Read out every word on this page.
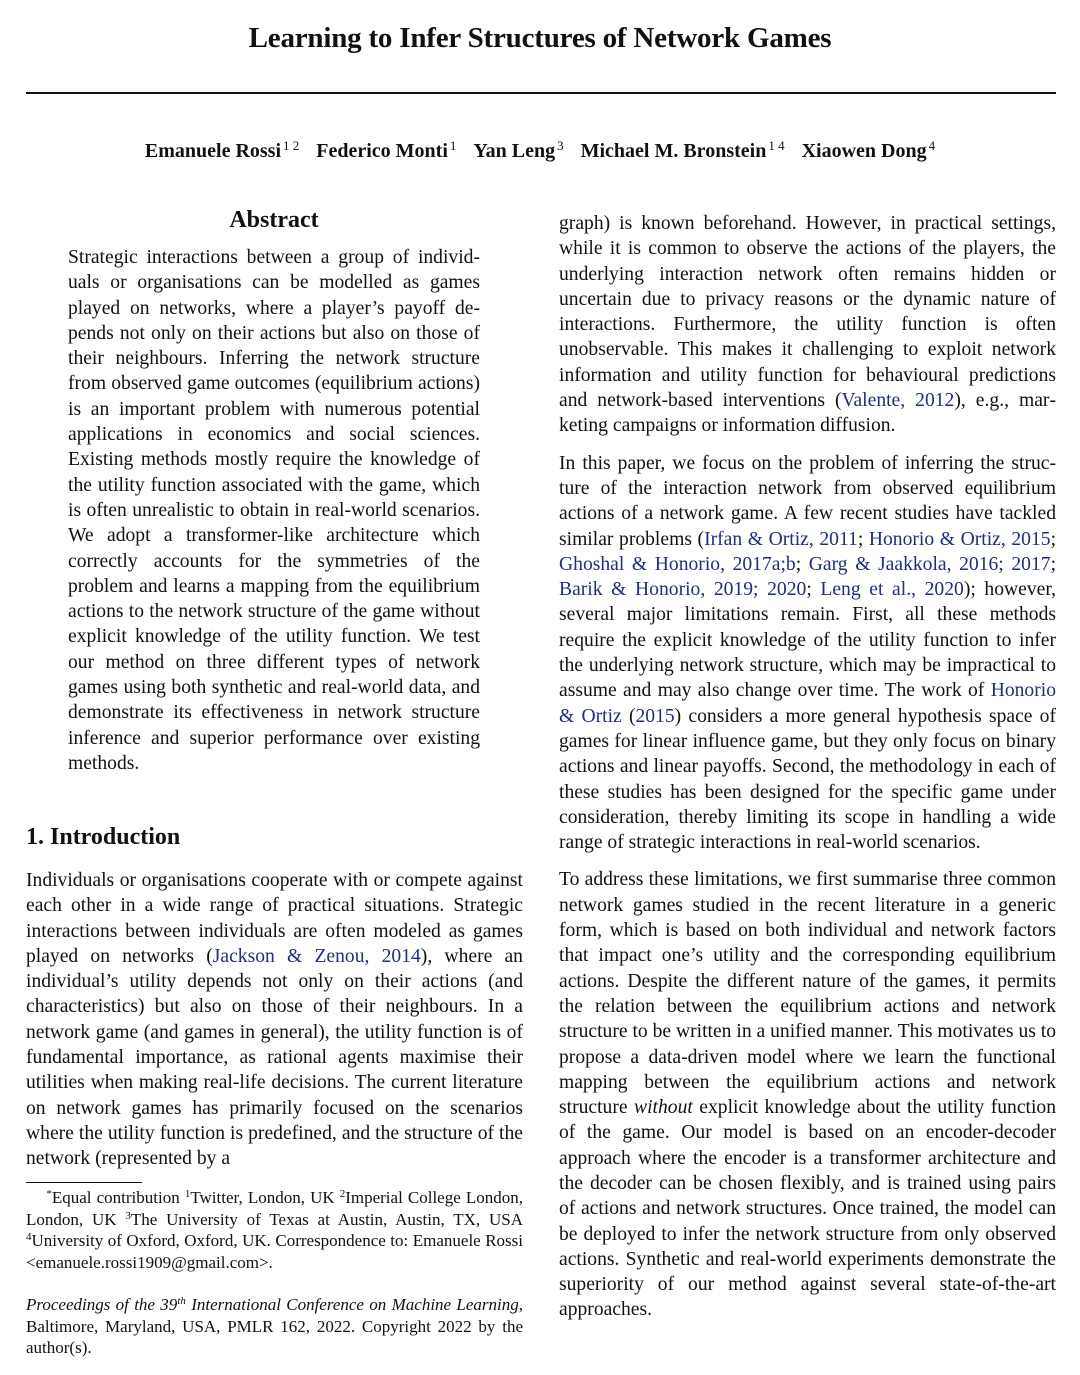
Learning to Infer Structures of Network Games
Emanuele Rossi $^{1 2}$ Federico Monti $^1$ Yan Leng $^3$ Michael M. Bronstein $^{1 4}$ Xiaowen Dong $^4$
Abstract

Strategic interactions between a group of individuals or organisations can be modelled as games played on networks, where a player’s payoff depends not only on their actions but also on those of their neighbours. Inferring the network structure from observed game outcomes (equilibrium actions) is an important problem with numerous potential applications in economics and social sciences. Existing methods mostly require the knowledge of the utility function associated with the game, which is often unrealistic to obtain in real-world scenarios. We adopt a transformer-like architecture which correctly accounts for the symmetries of the problem and learns a mapping from the equilibrium actions to the network structure of the game without explicit knowledge of the utility function. We test our method on three different types of network games using both synthetic and real-world data, and demonstrate its effectiveness in network structure inference and superior performance over existing methods.

1. Introduction

Individuals or organisations cooperate with or compete against each other in a wide range of practical situations. Strategic interactions between individuals are often modeled as games played on networks (Jackson & Zenou, 2014), where an individual’s utility depends not only on their actions (and characteristics) but also on those of their neighbours. In a network game (and games in general), the utility function is of fundamental importance, as rational agents maximise their utilities when making real-life decisions. The current literature on network games has primarily focused on the scenarios where the utility function is predefined, and the structure of the network (represented by a

*Equal contribution $^1$Twitter, London, UK $^2$Imperial College London, London, UK $^3$The University of Texas at Austin, Austin, TX, USA $^4$University of Oxford, Oxford, UK. Correspondence to: Emanuele Rossi <emanuele.rossi1909@gmail.com>.
Proceedings of the 39th International Conference on Machine Learning, Baltimore, Maryland, USA, PMLR 162, 2022. Copyright 2022 by the author(s).

graph) is known beforehand. However, in practical settings, while it is common to observe the actions of the players, the underlying interaction network often remains hidden or uncertain due to privacy reasons or the dynamic nature of interactions. Furthermore, the utility function is often unobservable. This makes it challenging to exploit network information and utility function for behavioural predictions and network-based interventions (Valente, 2012), e.g., marketing campaigns or information diffusion.

In this paper, we focus on the problem of inferring the structure of the interaction network from observed equilibrium actions of a network game. A few recent studies have tackled similar problems (Irfan & Ortiz, 2011; Honorio & Ortiz, 2015; Ghoshal & Honorio, 2017a;b; Garg & Jaakkola, 2016; 2017; Barik & Honorio, 2019; 2020; Leng et al., 2020); however, several major limitations remain. First, all these methods require the explicit knowledge of the utility function to infer the underlying network structure, which may be impractical to assume and may also change over time. The work of Honorio & Ortiz (2015) considers a more general hypothesis space of games for linear influence game, but they only focus on binary actions and linear payoffs. Second, the methodology in each of these studies has been designed for the specific game under consideration, thereby limiting its scope in handling a wide range of strategic interactions in real-world scenarios.

To address these limitations, we first summarise three common network games studied in the recent literature in a generic form, which is based on both individual and network factors that impact one’s utility and the corresponding equilibrium actions. Despite the different nature of the games, it permits the relation between the equilibrium actions and network structure to be written in a unified manner. This motivates us to propose a data-driven model where we learn the functional mapping between the equilibrium actions and network structure without explicit knowledge about the utility function of the game. Our model is based on an encoder-decoder approach where the encoder is a transformer architecture and the decoder can be chosen flexibly, and is trained using pairs of actions and network structures. Once trained, the model can be deployed to infer the network structure from only observed actions. Synthetic and real-world experiments demonstrate the superiority of our method against several state-of-the-art approaches.
